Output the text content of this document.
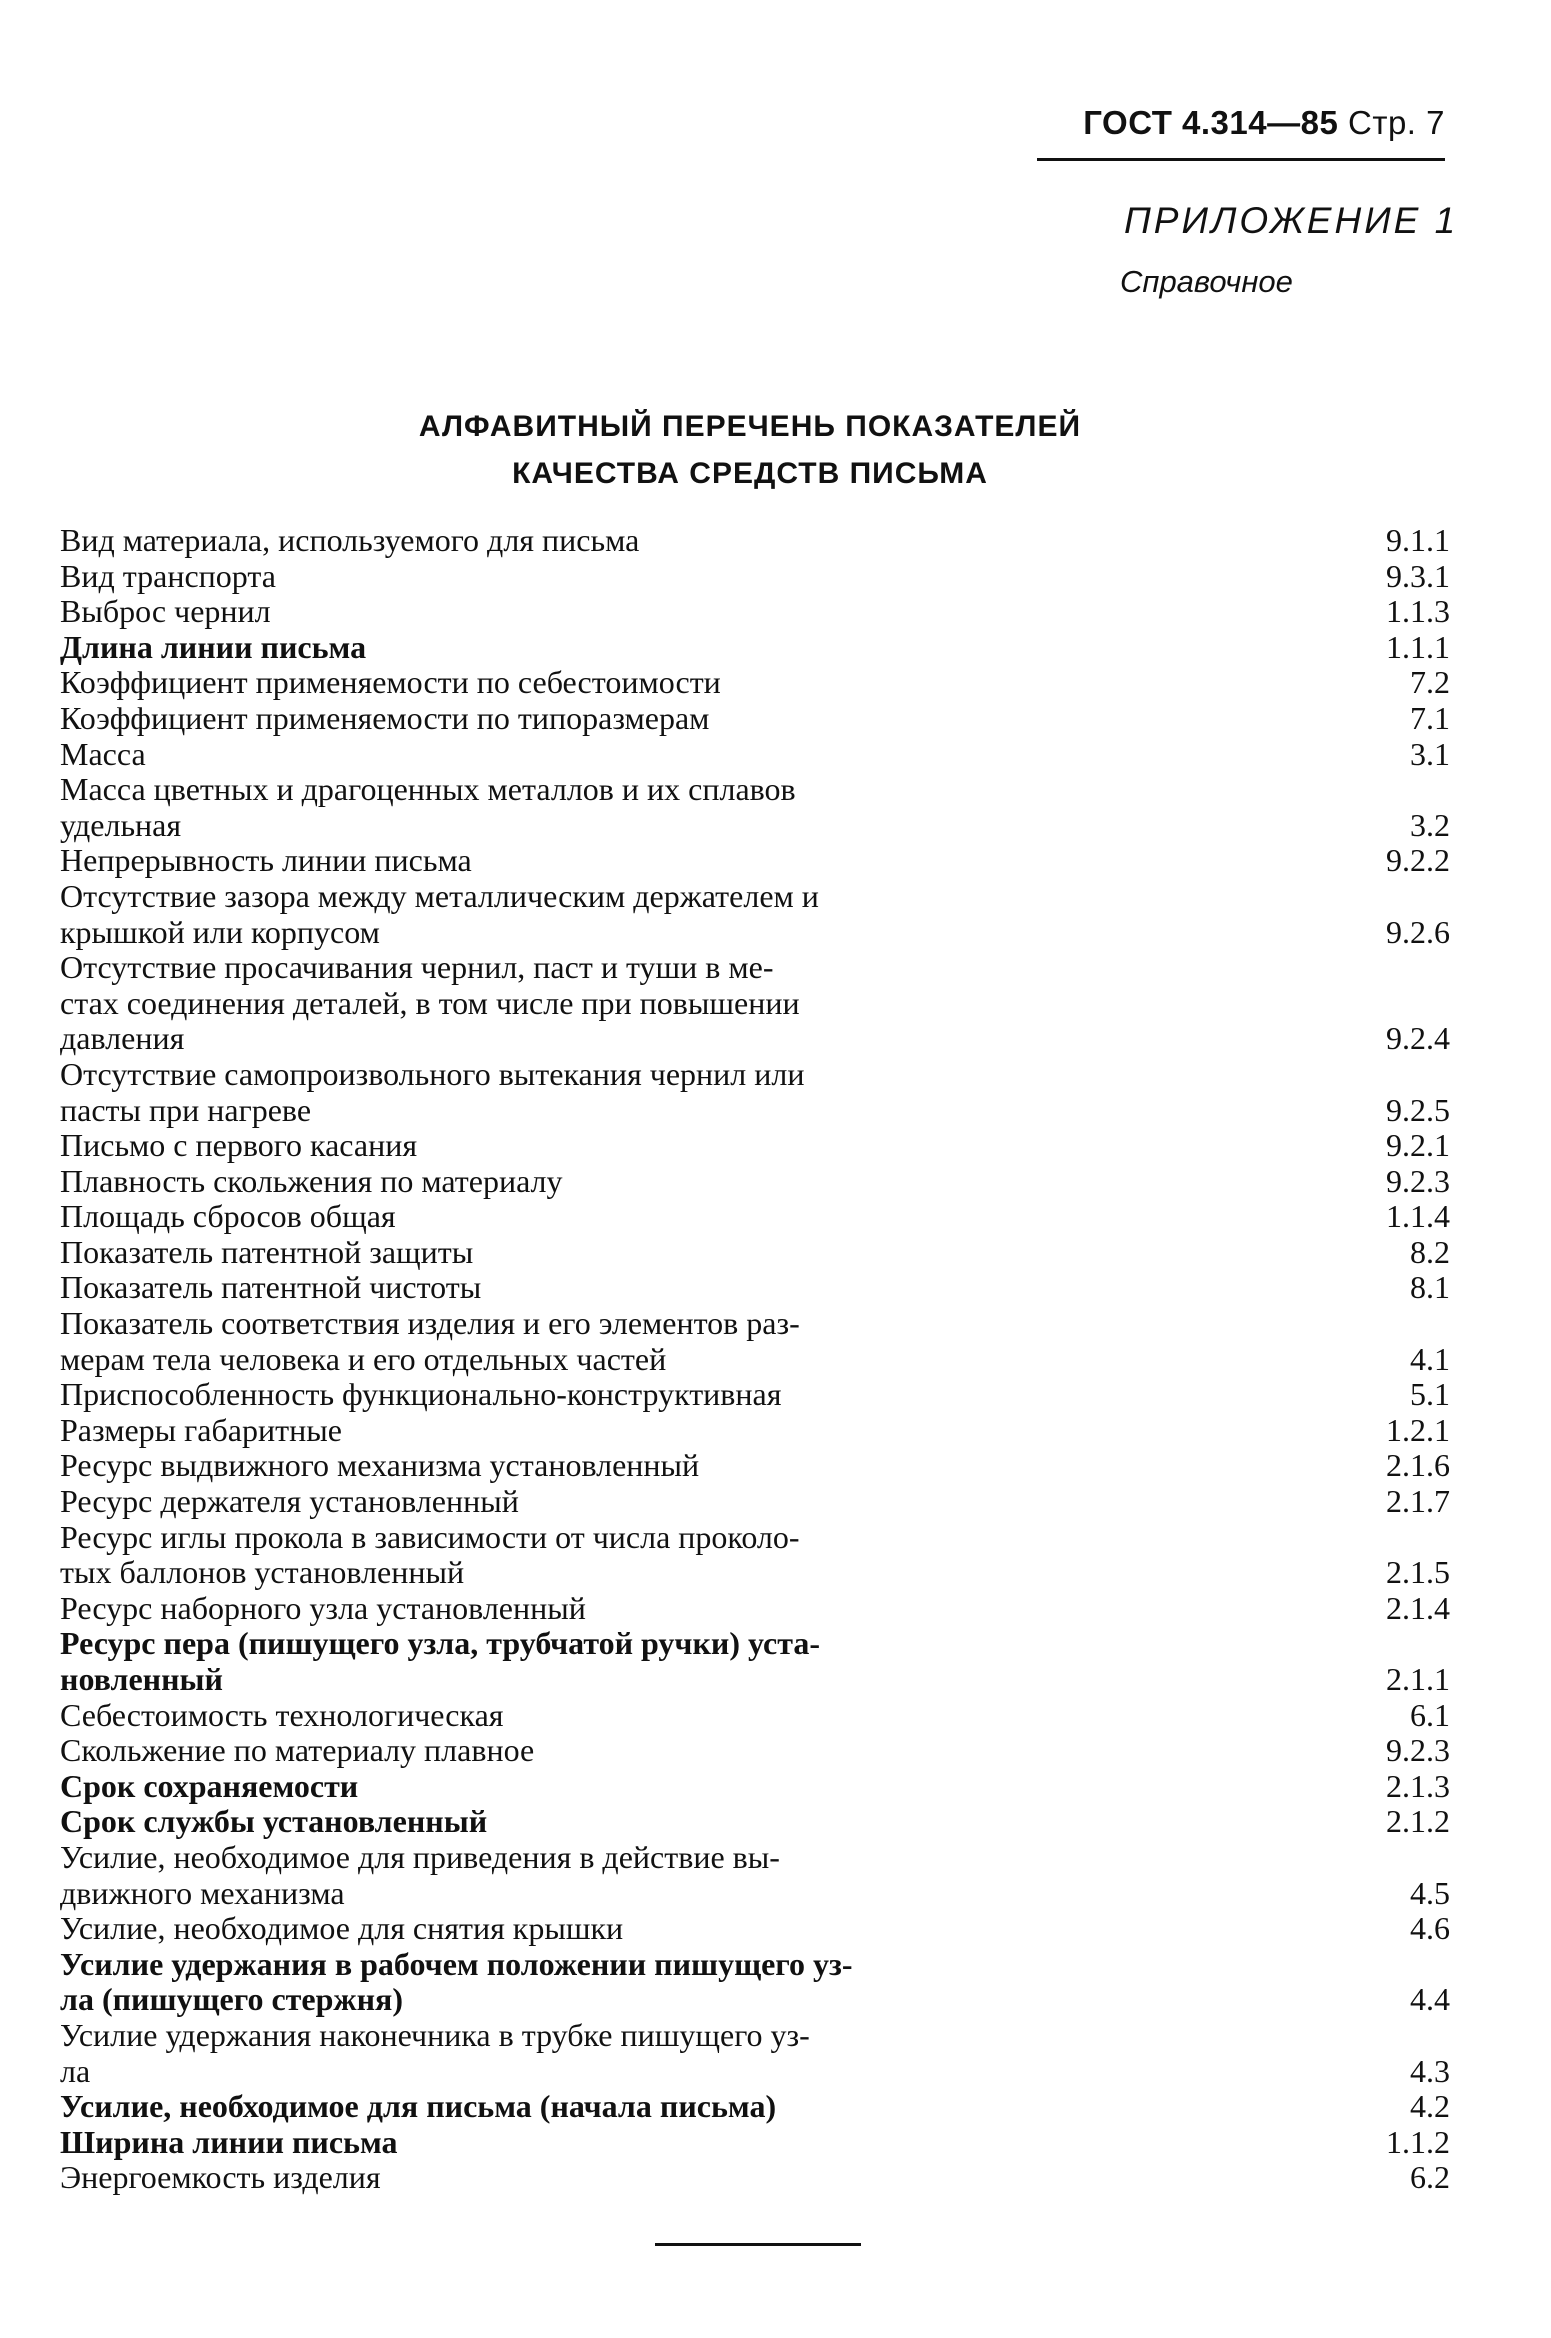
ГОСТ 4.314—85 Стр. 7
ПРИЛОЖЕНИЕ 1
Справочное
АЛФАВИТНЫЙ ПЕРЕЧЕНЬ ПОКАЗАТЕЛЕЙ
КАЧЕСТВА СРЕДСТВ ПИСЬМА
Вид материала, используемого для письма	9.1.1
Вид транспорта	9.3.1
Выброс чернил	1.1.3
Длина линии письма	1.1.1
Коэффициент применяемости по себестоимости	7.2
Коэффициент применяемости по типоразмерам	7.1
Масса	3.1
Масса цветных и драгоценных металлов и их сплавов
удельная	3.2
Непрерывность линии письма	9.2.2
Отсутствие зазора между металлическим держателем и
крышкой или корпусом	9.2.6
Отсутствие просачивания чернил, паст и туши в ме-
стах соединения деталей, в том числе при повышении
давления	9.2.4
Отсутствие самопроизвольного вытекания чернил или
пасты при нагреве	9.2.5
Письмо с первого касания	9.2.1
Плавность скольжения по материалу	9.2.3
Площадь сбросов общая	1.1.4
Показатель патентной защиты	8.2
Показатель патентной чистоты	8.1
Показатель соответствия изделия и его элементов раз-
мерам тела человека и его отдельных частей	4.1
Приспособленность функционально-конструктивная	5.1
Размеры габаритные	1.2.1
Ресурс выдвижного механизма установленный	2.1.6
Ресурс держателя установленный	2.1.7
Ресурс иглы прокола в зависимости от числа проколо-
тых баллонов установленный	2.1.5
Ресурс наборного узла установленный	2.1.4
Ресурс пера (пишущего узла, трубчатой ручки) уста-
новленный	2.1.1
Себестоимость технологическая	6.1
Скольжение по материалу плавное	9.2.3
Срок сохраняемости	2.1.3
Срок службы установленный	2.1.2
Усилие, необходимое для приведения в действие вы-
движного механизма	4.5
Усилие, необходимое для снятия крышки	4.6
Усилие удержания в рабочем положении пишущего уз-
ла (пишущего стержня)	4.4
Усилие удержания наконечника в трубке пишущего уз-
ла	4.3
Усилие, необходимое для письма (начала письма)	4.2
Ширина линии письма	1.1.2
Энергоемкость изделия	6.2
